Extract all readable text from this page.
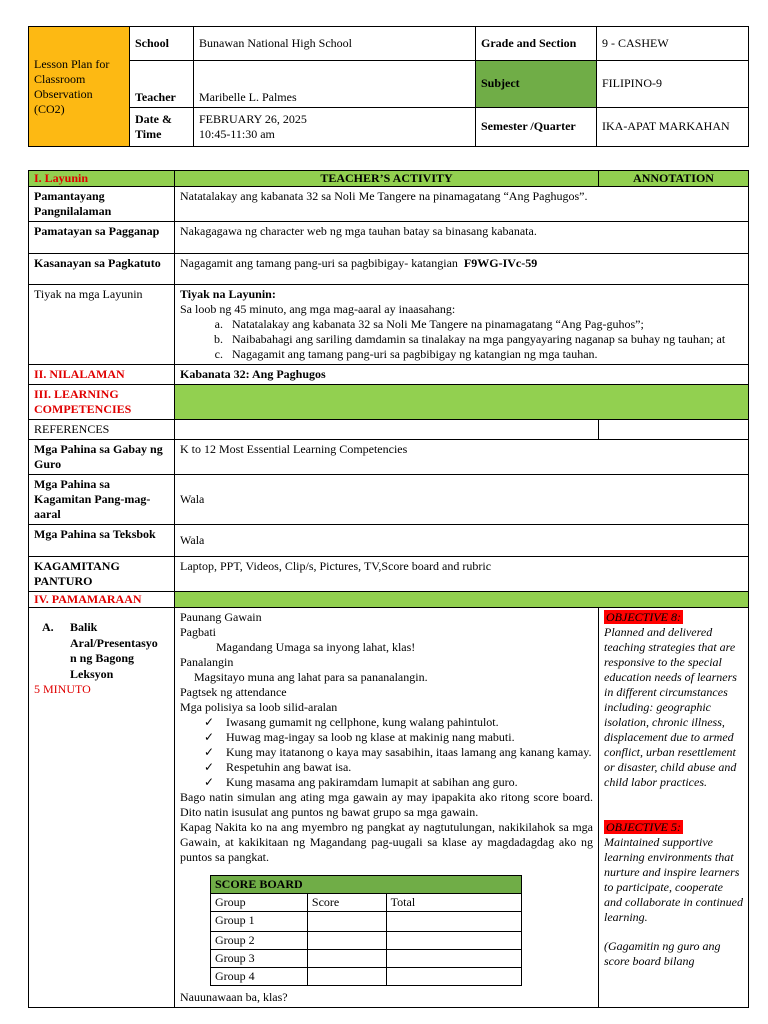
Lesson Plan for Classroom Observation (CO2)	School	Bunawan National High School	Grade and Section	9 - CASHEW
	Teacher	Maribelle L. Palmes	Subject	FILIPINO-9
	Date & Time	FEBRUARY 26, 2025
10:45-11:30 am	Semester /Quarter	IKA-APAT MARKAHAN
I. Layunin	TEACHER’S ACTIVITY	ANNOTATION
Pamantayang Pangnilalaman	Natatalakay ang kabanata 32 sa Noli Me Tangere na pinamagatang “Ang Paghugos”.
Pamatayan sa Pagganap	Nakagagawa ng character web ng mga tauhan batay sa binasang kabanata.
Kasanayan sa Pagkatuto	Nagagamit ang tamang pang-uri sa pagbibigay- katangian F9WG-IVc-59
Tiyak na mga Layunin	Tiyak na Layunin:
Sa loob ng 45 minuto, ang mga mag-aaral ay inaasahang:
a. Natatalakay ang kabanata 32 sa Noli Me Tangere na pinamagatang “Ang Pag-guhos”;
b. Naibabahagi ang sariling damdamin sa tinalakay na mga pangyayaring naganap sa buhay ng tauhan; at
c. Nagagamit ang tamang pang-uri sa pagbibigay ng katangian ng mga tauhan.

II. NILALAMAN	Kabanata 32: Ang Paghugos
III. LEARNING COMPETENCIES	
REFERENCES		
Mga Pahina sa Gabay ng Guro	K to 12 Most Essential Learning Competencies
Mga Pahina sa Kagamitan Pang-mag-aaral	Wala
Mga Pahina sa Teksbok	Wala
KAGAMITANG PANTURO	Laptop, PPT, Videos, Clip/s, Pictures, TV,Score board and rubric
IV. PAMAMARAAN	

A.	Balik Aral/Presentasyo n ng Bagong Leksyon
5 MINUTO

Paunang Gawain
Pagbati
Magandang Umaga sa inyong lahat, klas!
Panalangin
Magsitayo muna ang lahat para sa pananalangin.
Pagtsek ng attendance
Mga polisiya sa loob silid-aralan
✓ Iwasang gumamit ng cellphone, kung walang pahintulot.
✓ Huwag mag-ingay sa loob ng klase at makinig nang mabuti.
✓ Kung may itatanong o kaya may sasabihin, itaas lamang ang kanang kamay.
✓ Respetuhin ang bawat isa.
✓ Kung masama ang pakiramdam lumapit at sabihan ang guro.
Bago natin simulan ang ating mga gawain ay may ipapakita ako ritong score board. Dito natin isusulat ang puntos ng bawat grupo sa mga gawain.
Kapag Nakita ko na ang myembro ng pangkat ay nagtutulungan, nakikilahok sa mga Gawain, at kakikitaan ng Magandang pag-uugali sa klase ay magdadagdag ako ng puntos sa pangkat.
SCORE BOARD
Group	Score	Total
Group 1		
Group 2		
Group 3		
Group 4		
Nauunawaan ba, klas?

OBJECTIVE 8:
Planned and delivered teaching strategies that are responsive to the special education needs of learners in different circumstances including: geographic isolation, chronic illness, displacement due to armed conflict, urban resettlement or disaster, child abuse and child labor practices.
OBJECTIVE 5:
Maintained supportive learning environments that nurture and inspire learners to participate, cooperate and collaborate in continued learning.
(Gagamitin ng guro ang score board bilang
